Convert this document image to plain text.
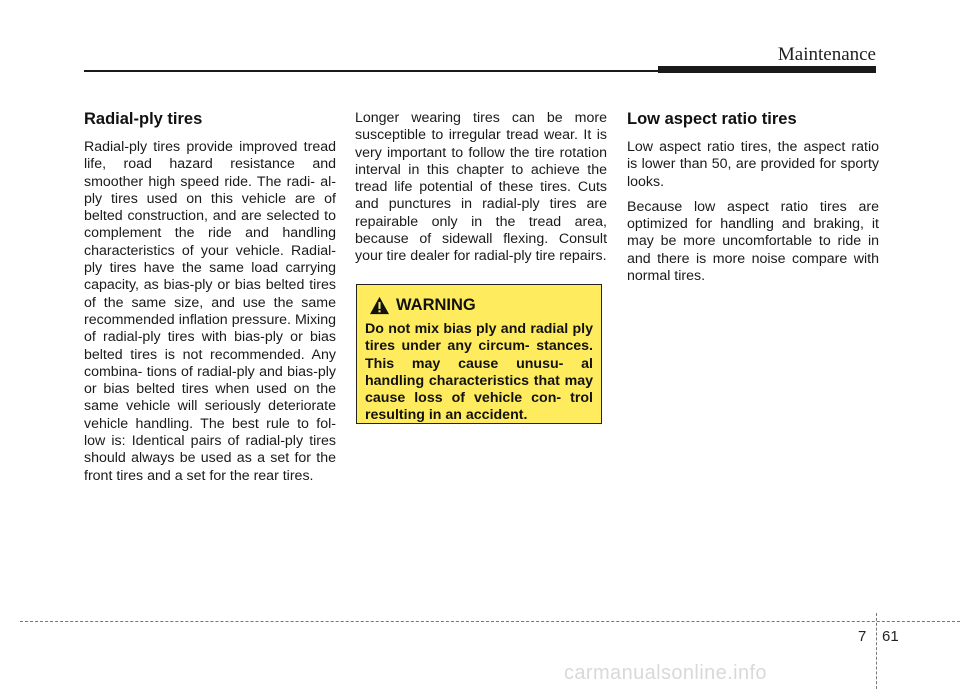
Maintenance
Radial-ply tires

Radial-ply tires provide improved tread life, road hazard resistance and smoother high speed ride. The radi- al-ply tires used on this vehicle are of belted construction, and are selected to complement the ride and handling characteristics of your vehicle. Radial-ply tires have the same load carrying capacity, as bias-ply or bias belted tires of the same size, and use the same recommended inflation pressure. Mixing of radial-ply tires with bias-ply or bias belted tires is not recommended. Any combina- tions of radial-ply and bias-ply or bias belted tires when used on the same vehicle will seriously deteriorate vehicle handling. The best rule to fol- low is: Identical pairs of radial-ply tires should always be used as a set for the front tires and a set for the rear tires.

Longer wearing tires can be more susceptible to irregular tread wear. It is very important to follow the tire rotation interval in this chapter to achieve the tread life potential of these tires. Cuts and punctures in radial-ply tires are repairable only in the tread area, because of sidewall flexing. Consult your tire dealer for radial-ply tire repairs.

WARNING
Do not mix bias ply and radial ply tires under any circum- stances. This may cause unusu- al handling characteristics that may cause loss of vehicle con- trol resulting in an accident.
Low aspect ratio tires

Low aspect ratio tires, the aspect ratio is lower than 50, are provided for sporty looks.

Because low aspect ratio tires are optimized for handling and braking, it may be more uncomfortable to ride in and there is more noise compare with normal tires.

7 61
carmanualsonline.info
